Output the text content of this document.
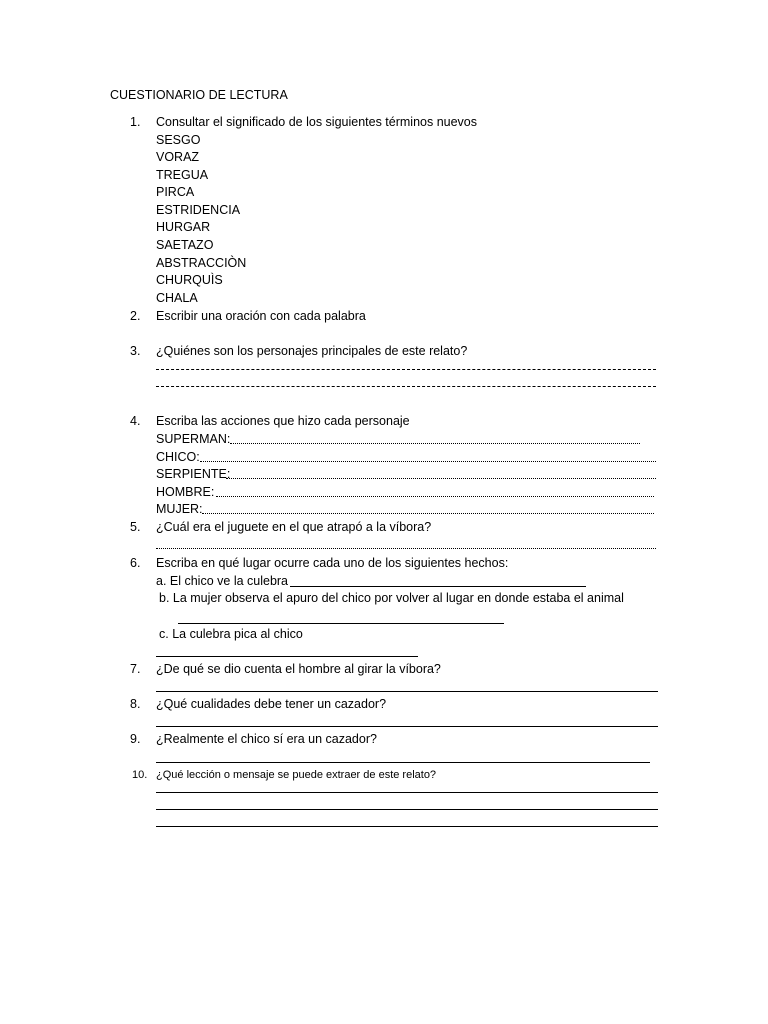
CUESTIONARIO DE LECTURA
1.	Consultar el significado de los siguientes términos nuevos
SESGO
VORAZ
TREGUA
PIRCA
ESTRIDENCIA
HURGAR
SAETAZO
ABSTRACCIÒN
CHURQUÌS
CHALA
2.	Escribir una oración con cada palabra
3.	¿Quiénes son los personajes principales de este relato?
4.	Escriba las acciones que hizo cada personaje
SUPERMAN:
CHICO:
SERPIENTE:
HOMBRE:
MUJER:
5.	¿Cuál era el juguete en el que atrapó a la víbora?
6.	Escriba en qué lugar ocurre cada uno de los siguientes hechos:
a. El chico ve la culebra
b. La mujer observa el apuro del chico por volver al lugar en donde estaba el animal
c. La culebra pica al chico
7.	¿De qué se dio cuenta el hombre al girar la víbora?
8.	¿Qué cualidades debe tener un cazador?
9.	¿Realmente el chico sí era un cazador?
10. ¿Qué lección o mensaje se puede extraer de este relato?
